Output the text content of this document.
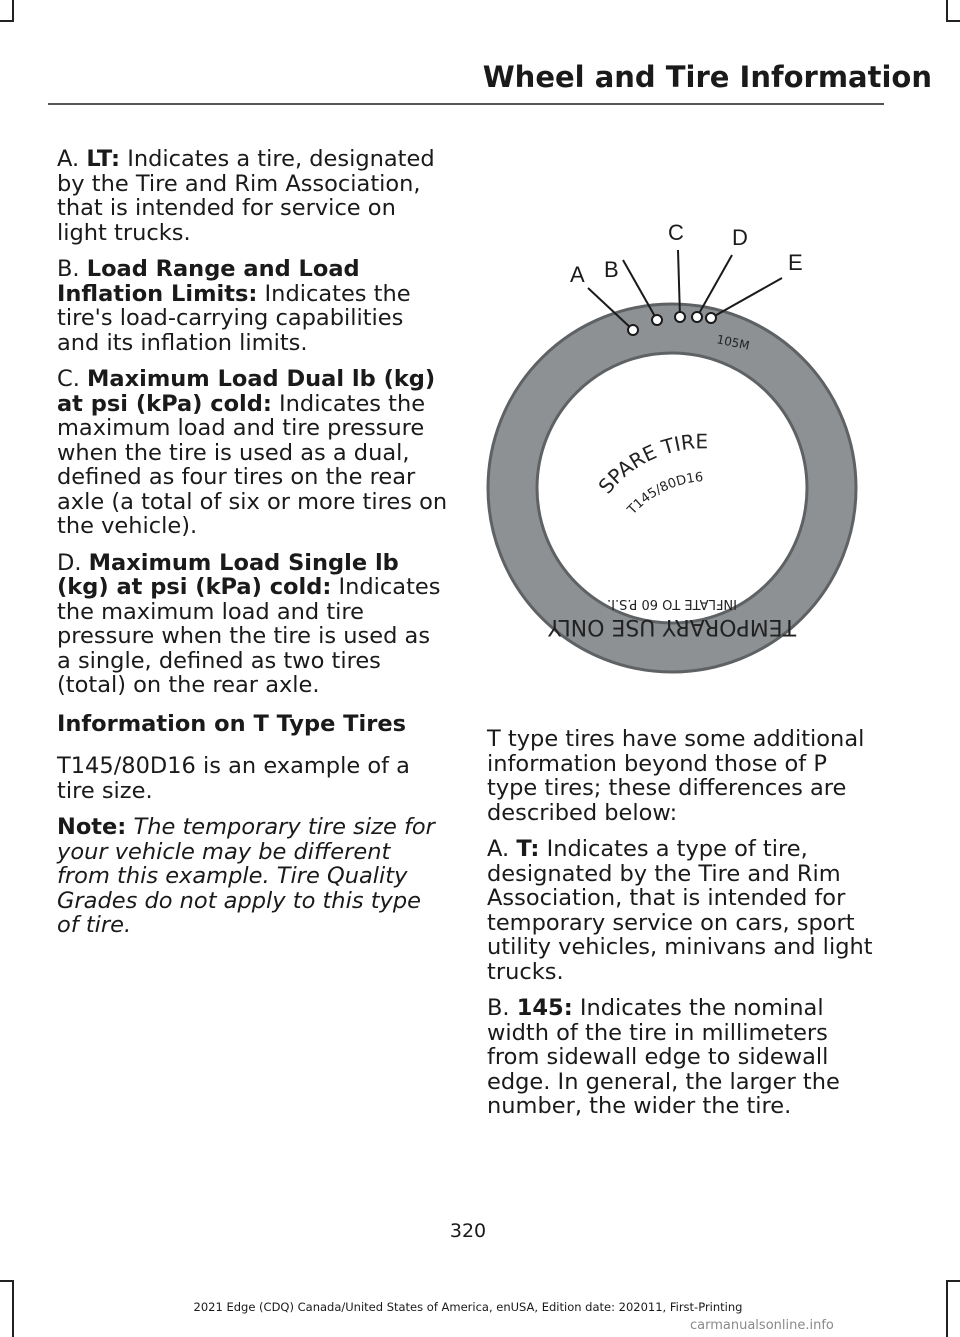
Wheel and Tire Information

A. LT: Indicates a tire, designated by the Tire and Rim Association, that is intended for service on light trucks.

B. Load Range and Load Inflation Limits: Indicates the tire's load-carrying capabilities and its inflation limits.

C. Maximum Load Dual lb (kg) at psi (kPa) cold: Indicates the maximum load and tire pressure when the tire is used as a dual, defined as four tires on the rear axle (a total of six or more tires on the vehicle).

D. Maximum Load Single lb (kg) at psi (kPa) cold: Indicates the maximum load and tire pressure when the tire is used as a single, defined as two tires (total) on the rear axle.

Information on T Type Tires

T145/80D16 is an example of a tire size.

Note: The temporary tire size for your vehicle may be different from this example. Tire Quality Grades do not apply to this type of tire.

SPARE TIRE
T145/80D16
105M
TEMPORARY USE ONLY
INFLATE TO 60 P.S.I.
A B
C D
E

T type tires have some additional information beyond those of P type tires; these differences are described below:

A. T: Indicates a type of tire, designated by the Tire and Rim Association, that is intended for temporary service on cars, sport utility vehicles, minivans and light trucks.

B. 145: Indicates the nominal width of the tire in millimeters from sidewall edge to sidewall edge. In general, the larger the number, the wider the tire.

320
2021 Edge (CDQ) Canada/United States of America, enUSA, Edition date: 202011, First-Printing
carmanualsonline.info
